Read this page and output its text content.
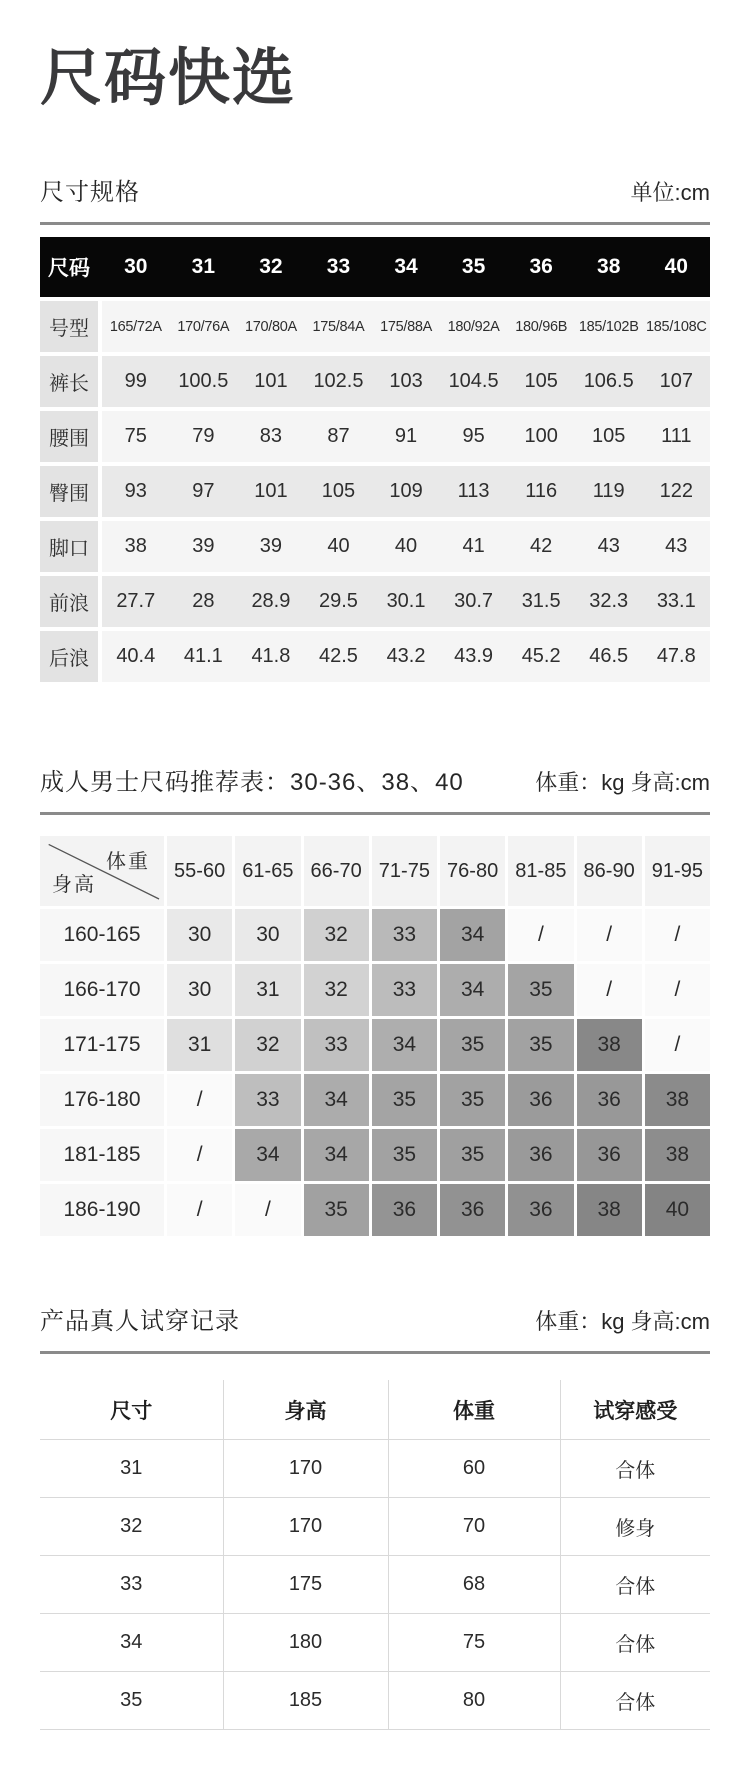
尺码快选
尺寸规格	单位:cm
尺码	30	31	32	33	34	35	36	38	40
号型	165/72A	170/76A	170/80A	175/84A	175/88A	180/92A	180/96B 185/102B 185/108C
裤长	99	100.5	101	102.5	103	104.5	105	106.5	107
腰围	75	79	83	87	91	95	100	105	111
臀围	93	97	101	105	109	113	116	119	122
脚口	38	39	39	40	40	41	42	43	43
前浪	27.7	28	28.9	29.5	30.1	30.7	31.5	32.3	33.1
后浪	40.4	41.1	41.8	42.5	43.2	43.9	45.2	46.5	47.8
成人男士尺码推荐表：30-36、38、40	体重：kg 身高:cm
体重
身高	55-60	61-65	66-70	71-75	76-80	81-85	86-90	91-95
160-165	30	30	32	33	34	/	/	/
166-170	30	31	32	33	34	35	/	/
171-175	31	32	33	34	35	35	38	/
176-180	/	33	34	35	35	36	36	38
181-185	/	34	34	35	35	36	36	38
186-190	/	/	35	36	36	36	38	40
产品真人试穿记录	体重：kg 身高:cm
尺寸	身高	体重	试穿感受
31	170	60	合体
32	170	70	修身
33	175	68	合体
34	180	75	合体
35	185	80	合体
